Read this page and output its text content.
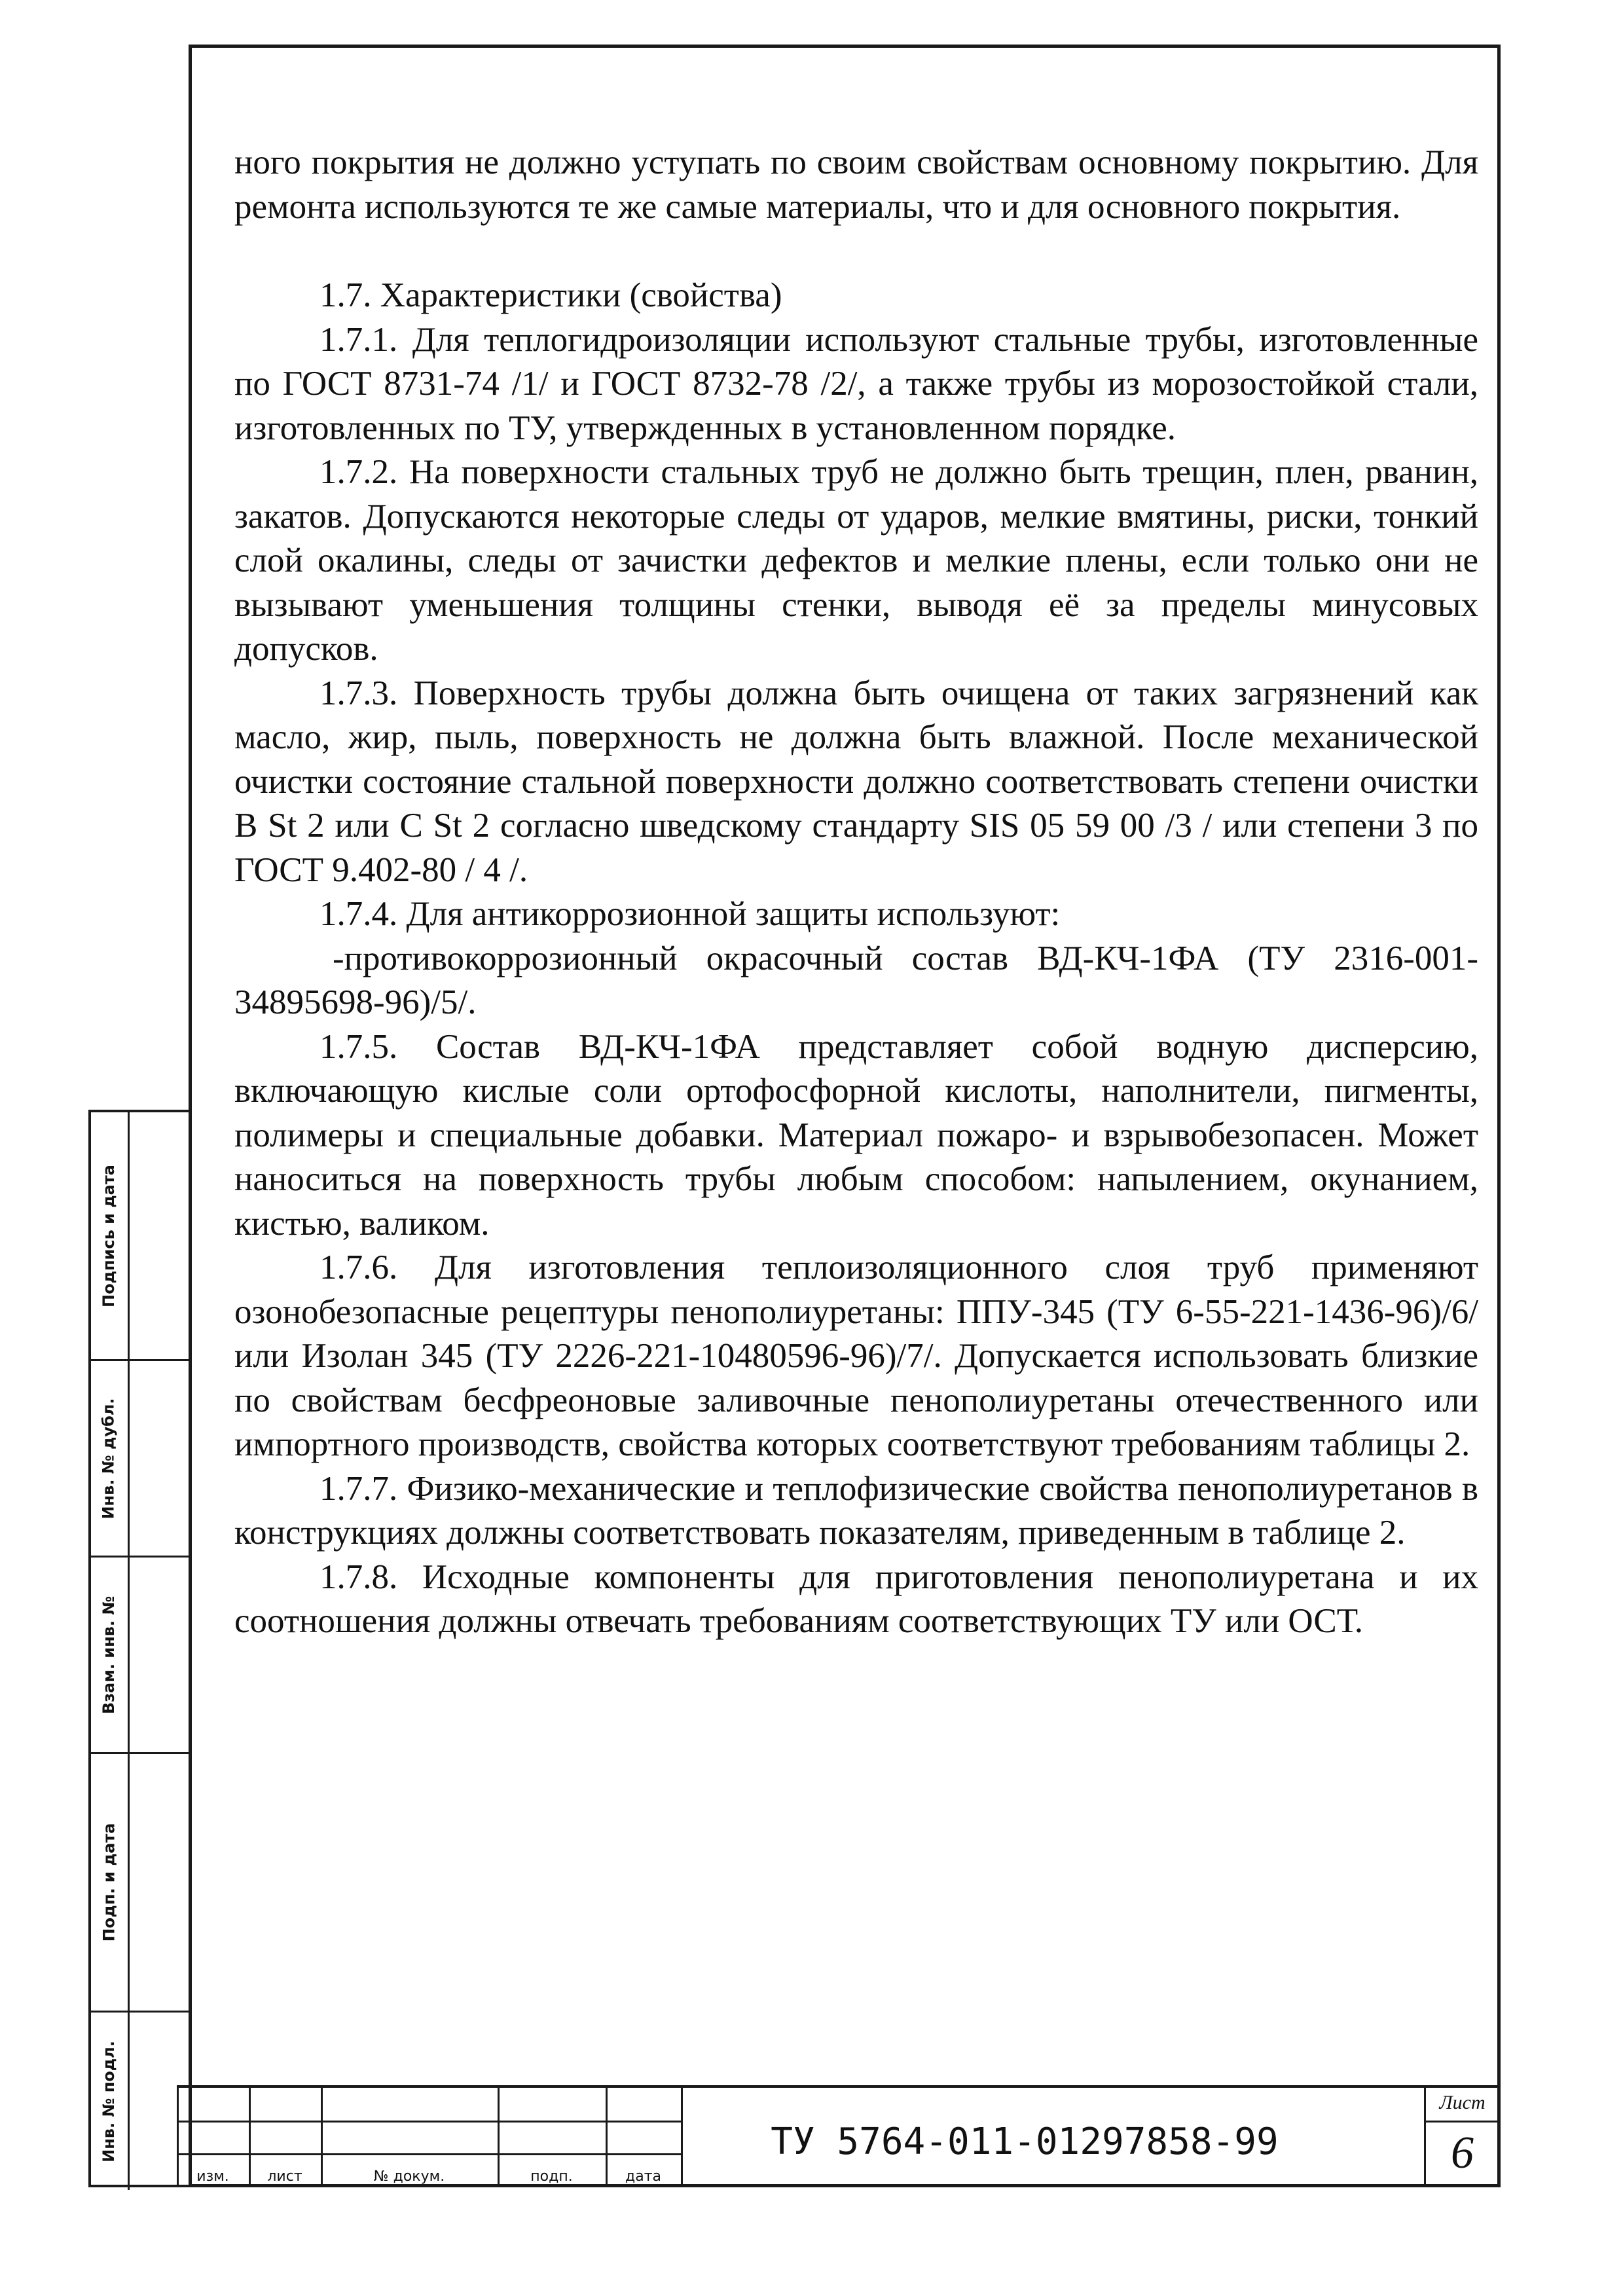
ного покрытия не должно уступать по своим свойствам основному покрытию. Для ремонта используются те же самые материалы, что и для основного покрытия.

1.7. Характеристики (свойства)

1.7.1. Для теплогидроизоляции используют стальные трубы, изготовленные по ГОСТ 8731-74 /1/ и ГОСТ 8732-78 /2/, а также трубы из морозостойкой стали, изготовленных по ТУ, утвержденных в установленном порядке.

1.7.2. На поверхности стальных труб не должно быть трещин, плен, рванин, закатов. Допускаются некоторые следы от ударов, мелкие вмятины, риски, тонкий слой окалины, следы от зачистки дефектов и мелкие плены, если только они не вызывают уменьшения толщины стенки, выводя её за пределы минусовых допусков.

1.7.3. Поверхность трубы должна быть очищена от таких загрязнений как масло, жир, пыль, поверхность не должна быть влажной. После механической очистки состояние стальной поверхности должно соответствовать степени очистки В St 2 или С St 2 согласно шведскому стандарту SIS 05 59 00 /3 / или степени 3 по ГОСТ 9.402-80 / 4 /.

1.7.4. Для антикоррозионной защиты используют:

-противокоррозионный окрасочный состав ВД-КЧ-1ФА (ТУ 2316-001-34895698-96)/5/.

1.7.5. Состав ВД-КЧ-1ФА представляет собой водную дисперсию, включающую кислые соли ортофосфорной кислоты, наполнители, пигменты, полимеры и специальные добавки. Материал пожаро- и взрывобезопасен. Может наноситься на поверхность трубы любым способом: напылением, окунанием, кистью, валиком.

1.7.6. Для изготовления теплоизоляционного слоя труб применяют озонобезопасные рецептуры пенополиуретаны: ППУ-345 (ТУ 6-55-221-1436-96)/6/ или Изолан 345 (ТУ 2226-221-10480596-96)/7/. Допускается использовать близкие по свойствам бесфреоновые заливочные пенополиуретаны отечественного или импортного производств, свойства которых соответствуют требованиям таблицы 2.

1.7.7. Физико-механические и теплофизические свойства пенополиуретанов в конструкциях должны соответствовать показателям, приведенным в таблице 2.

1.7.8. Исходные компоненты для приготовления пенополиуретана и их соотношения должны отвечать требованиям соответствующих ТУ или ОСТ.

Подпись и дата
Инв. № дубл.
Взам. инв. №
Подп. и дата
Инв. № подл.
изм.	лист	№ докум.	подп.	дата
ТУ 5764-011-01297858-99
Лист
6
